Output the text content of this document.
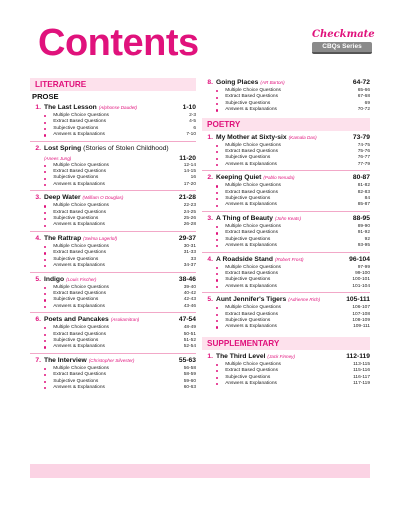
Contents	Checkmate
CBQs Series
LITERATURE
PROSE
1. The Last Lesson (Alphonse Daudet)	1-10
Multiple Choice Questions	2-3
Extract Based Questions	4-5
Subjective Questions	6
Answers & Explanations	7-10
2. Lost Spring (Stories of Stolen Childhood)
(Anees Jung)	11-20
Multiple Choice Questions	12-14
Extract Based Questions	14-15
Subjective Questions	16
Answers & Explanations	17-20
3. Deep Water (William O Douglas)	21-28
Multiple Choice Questions	22-23
Extract Based Questions	24-25
Subjective Questions	25-26
Answers & Explanations	26-28
4. The Rattrap (Selma Lagerlof)	29-37
Multiple Choice Questions	30-31
Extract Based Questions	31-33
Subjective Questions	33
Answers & Explanations	34-37
5. Indigo (Louis Fischer)	38-46
Multiple Choice Questions	39-40
Extract Based Questions	40-42
Subjective Questions	42-43
Answers & Explanations	43-46
6. Poets and Pancakes (Asokamitran)	47-54
Multiple Choice Questions	48-49
Extract Based Questions	50-51
Subjective Questions	51-52
Answers & Explanations	52-54
7. The Interview (Christopher Silvester)	55-63
Multiple Choice Questions	56-58
Extract Based Questions	58-59
Subjective Questions	59-60
Answers & Explanations	60-63
8. Going Places (AR Barton)	64-72
Multiple Choice Questions	65-66
Extract Based Questions	67-68
Subjective Questions	69
Answers & Explanations	70-72
POETRY
1. My Mother at Sixty-six (Kamala Das)	73-79
Multiple Choice Questions	74-75
Extract Based Questions	75-76
Subjective Questions	76-77
Answers & Explanations	77-79
2. Keeping Quiet (Pablo Neruda)	80-87
Multiple Choice Questions	81-82
Extract Based Questions	82-83
Subjective Questions	84
Answers & Explanations	85-87
3. A Thing of Beauty (John Keats)	88-95
Multiple Choice Questions	89-90
Extract Based Questions	91-92
Subjective Questions	92
Answers & Explanations	93-95
4. A Roadside Stand (Robert Frost)	96-104
Multiple Choice Questions	97-99
Extract Based Questions	99-100
Subjective Questions	100-101
Answers & Explanations	101-104
5. Aunt Jennifer's Tigers (Adrienne Rich)	105-111
Multiple Choice Questions	106-107
Extract Based Questions	107-108
Subjective Questions	108-109
Answers & Explanations	109-111
SUPPLEMENTARY
1. The Third Level (Jack Finney)	112-119
Multiple Choice Questions	113-115
Extract Based Questions	115-116
Subjective Questions	116-117
Answers & Explanations	117-119
